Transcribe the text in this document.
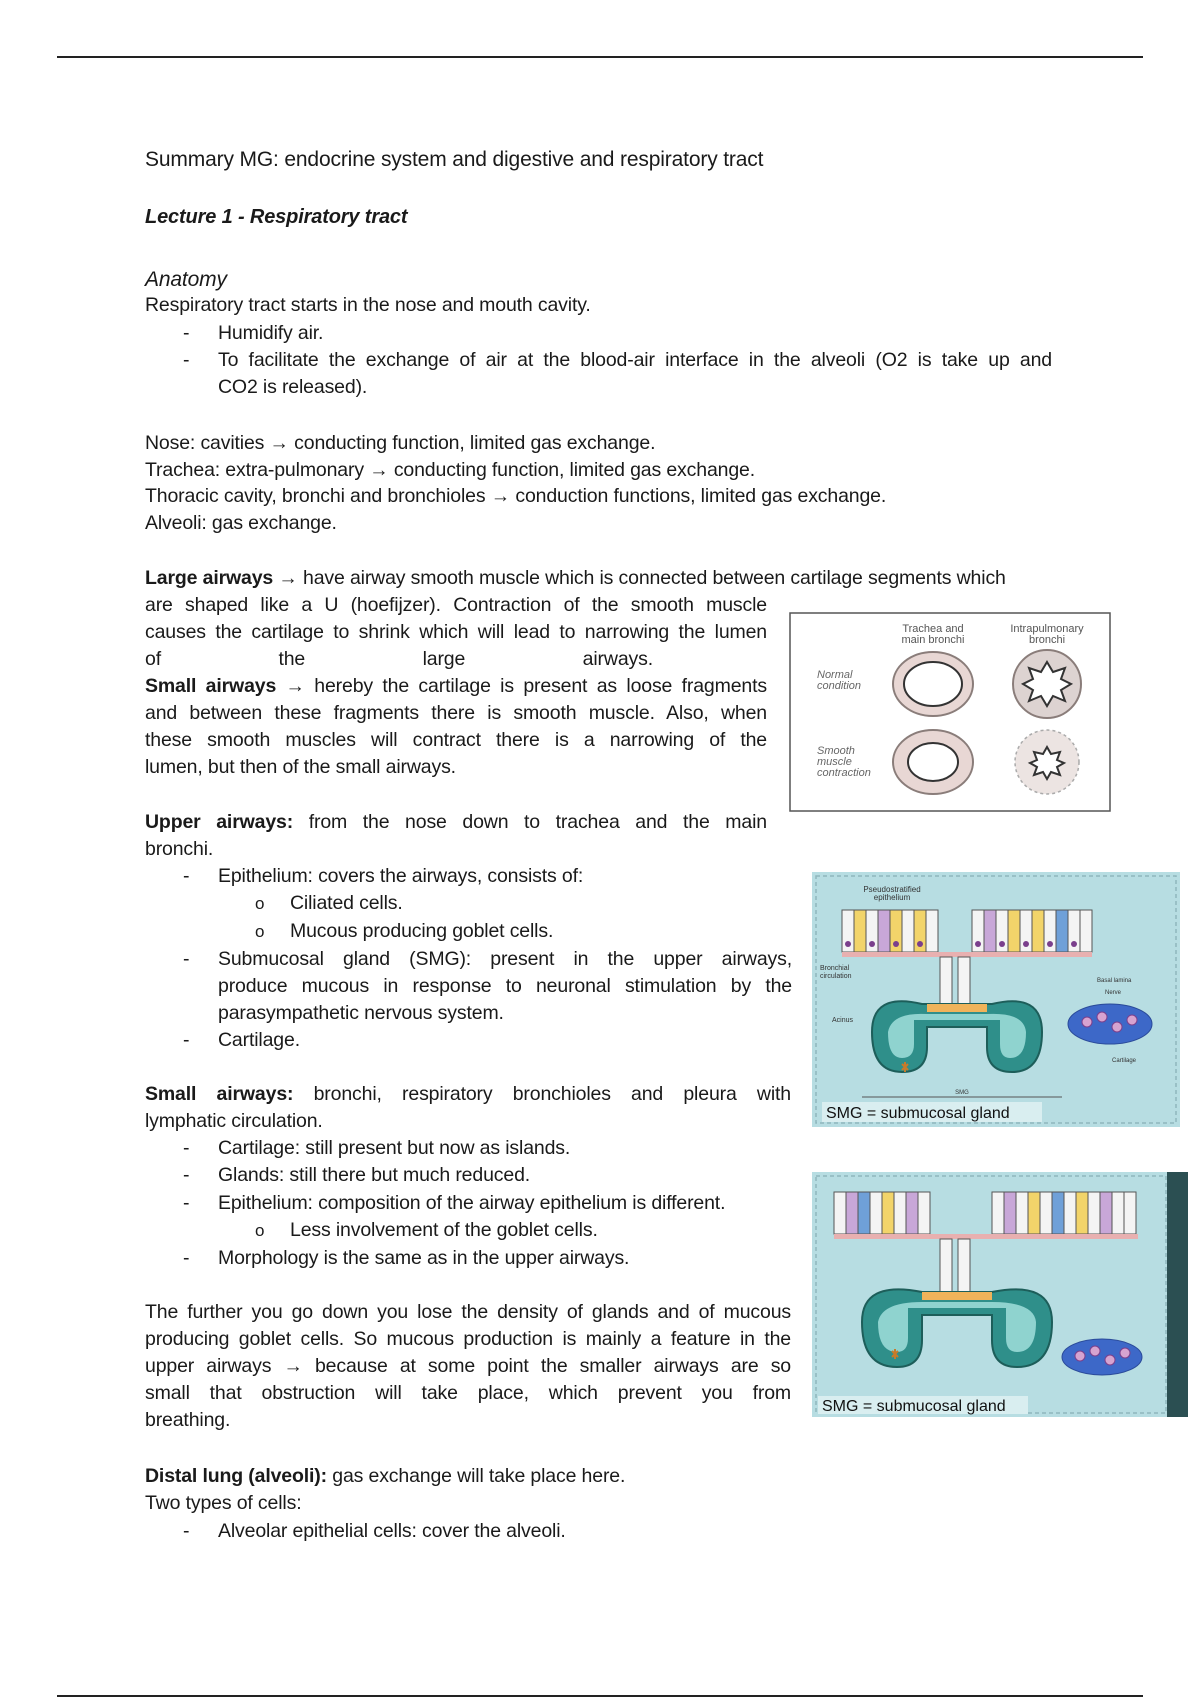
Summary MG: endocrine system and digestive and respiratory tract
Lecture 1 - Respiratory tract
Anatomy
Respiratory tract starts in the nose and mouth cavity.
- Humidify air.
- To facilitate the exchange of air at the blood-air interface in the alveoli (O2 is take up and
CO2 is released).
Nose: cavities → conducting function, limited gas exchange.
Trachea: extra-pulmonary → conducting function, limited gas exchange.
Thoracic cavity, bronchi and bronchioles → conduction functions, limited gas exchange.
Alveoli: gas exchange.
Large airways → have airway smooth muscle which is connected between cartilage segments which
are shaped like a U (hoefijzer). Contraction of the smooth muscle
causes the cartilage to shrink which will lead to narrowing the lumen
of the large airways.
Small airways → hereby the cartilage is present as loose fragments
and between these fragments there is smooth muscle. Also, when
these smooth muscles will contract there is a narrowing of the
lumen, but then of the small airways.
Trachea and
main bronchi
Intrapulmonary
bronchi
Normal
condition
Smooth
muscle
contraction
Upper airways: from the nose down to trachea and the main
bronchi.
- Epithelium: covers the airways, consists of:
o Ciliated cells.
o Mucous producing goblet cells.
- Submucosal gland (SMG): present in the upper airways,
produce mucous in response to neuronal stimulation by the
parasympathetic nervous system.
- Cartilage.
Pseudostratified
epithelium
Bronchial
circulation
Acinus
Basal lamina
Nerve
Cartilage
SMG
SMG = submucosal gland
Small airways: bronchi, respiratory bronchioles and pleura with
lymphatic circulation.
- Cartilage: still present but now as islands.
- Glands: still there but much reduced.
- Epithelium: composition of the airway epithelium is different.
o Less involvement of the goblet cells.
- Morphology is the same as in the upper airways.
SMG = submucosal gland
The further you go down you lose the density of glands and of mucous
producing goblet cells. So mucous production is mainly a feature in the
upper airways → because at some point the smaller airways are so
small that obstruction will take place, which prevent you from
breathing.
Distal lung (alveoli): gas exchange will take place here.
Two types of cells:
- Alveolar epithelial cells: cover the alveoli.
